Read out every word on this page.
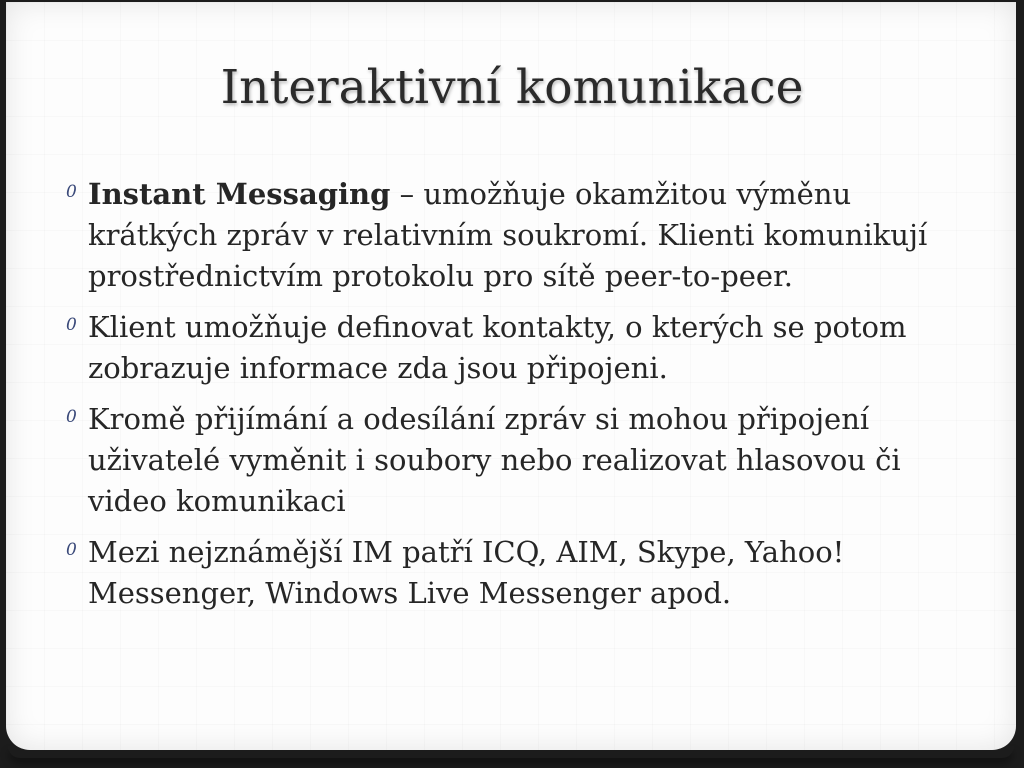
Interaktivní komunikace
0 Instant Messaging – umožňuje okamžitou výměnu krátkých zpráv v relativním soukromí. Klienti komunikují prostřednictvím protokolu pro sítě peer-to-peer.
0 Klient umožňuje definovat kontakty, o kterých se potom zobrazuje informace zda jsou připojeni.
0 Kromě přijímání a odesílání zpráv si mohou připojení uživatelé vyměnit i soubory nebo realizovat hlasovou či video komunikaci
0 Mezi nejznámější IM patří ICQ, AIM, Skype, Yahoo! Messenger, Windows Live Messenger apod.
